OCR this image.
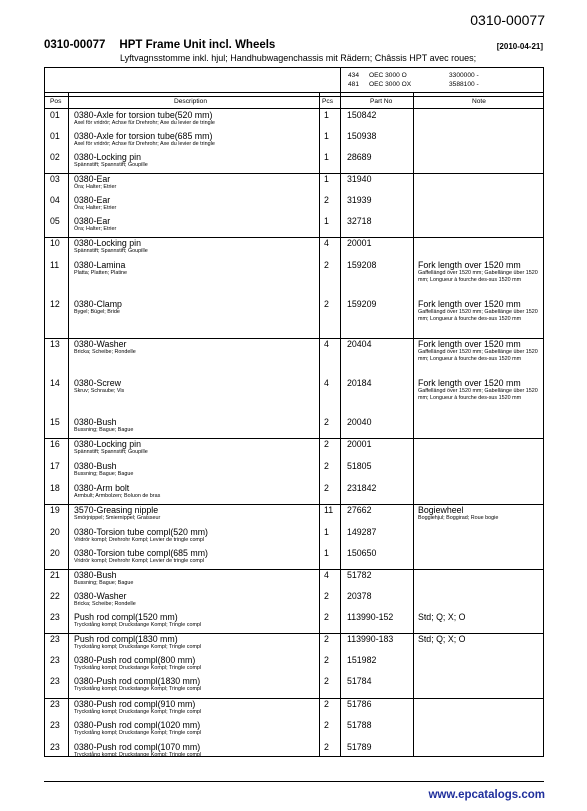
0310-00077
0310-00077 HPT Frame Unit incl. Wheels	[2010-04-21]
Lyftvagnsstomme inkl. hjul; Handhubwagenchassis mit Rädern; Châssis HPT avec roues;
434 OEC 3000 O	3300000 -
481 OEC 3000 OX	3588100 -
Pos	Description	Pcs	Part No	Note
01 0380-Axle for torsion tube(520 mm)
Axel för vridrör; Achse für Drehrohr; Axe du levier de tringle
1 150842
01 0380-Axle for torsion tube(685 mm)
Axel för vridrör; Achse für Drehrohr; Axe du levier de tringle
1 150938
02 0380-Locking pin
Spännstift; Spannstift; Goupille
1 28689
03 0380-Ear
Öra; Halter; Etrier
1 31940
04 0380-Ear
Öra; Halter; Etrier
2 31939
05 0380-Ear
Öra; Halter; Etrier
1 32718
10 0380-Locking pin
Spännstift; Spannstift; Goupille
4 20001
11 0380-Lamina
Platta; Platten; Platine
2 159208	Fork length over 1520 mm
Gaffellängd över 1520 mm; Gabellänge über 1520 mm; Longueur à fourche des-sus 1520 mm
12 0380-Clamp
Bygel; Bügel; Bride
2 159209	Fork length over 1520 mm
Gaffellängd över 1520 mm; Gabellänge über 1520 mm; Longueur à fourche des-sus 1520 mm
13 0380-Washer
Bricka; Scheibe; Rondelle
4 20404	Fork length over 1520 mm
Gaffellängd över 1520 mm; Gabellänge über 1520 mm; Longueur à fourche des-sus 1520 mm
14 0380-Screw
Skruv; Schraube; Vis
4 20184	Fork length over 1520 mm
Gaffellängd över 1520 mm; Gabellänge über 1520 mm; Longueur à fourche des-sus 1520 mm
15 0380-Bush
Bussning; Bague; Bague
2 20040
16 0380-Locking pin
Spännstift; Spannstift; Goupille
2 20001
17 0380-Bush
Bussning; Bague; Bague
2 51805
18 0380-Arm bolt
Armbult; Armbolzen; Boluon de bras
2 231842
19 3570-Greasing nipple
Smörjnippel; Smiernippel; Graisseur
11 27662	Bogiewheel
Boggiehjul; Boggirad; Roue bogie
20 0380-Torsion tube compl(520 mm)
Vridrör kompl; Drehrohr Kompl; Levier de tringle compl
1 149287
20 0380-Torsion tube compl(685 mm)
Vridrör kompl; Drehrohr Kompl; Levier de tringle compl
1 150650
21 0380-Bush
Bussning; Bague; Bague
4 51782
22 0380-Washer
Bricka; Scheibe; Rondelle
2 20378
23 Push rod compl(1520 mm)
Tryckstång kompl; Druckstange Kompl; Tringle compl
2 113990-152	Std; Q; X; O
23 Push rod compl(1830 mm)
Tryckstång kompl; Druckstange Kompl; Tringle compl
2 113990-183	Std; Q; X; O
23 0380-Push rod compl(800 mm)
Tryckstång kompl; Druckstange Kompl; Tringle compl
2 151982
23 0380-Push rod compl(1830 mm)
Tryckstång kompl; Druckstange Kompl; Tringle compl
2 51784
23 0380-Push rod compl(910 mm)
Tryckstång kompl; Druckstange Kompl; Tringle compl
2 51786
23 0380-Push rod compl(1020 mm)
Tryckstång kompl; Druckstange Kompl; Tringle compl
2 51788
23 0380-Push rod compl(1070 mm)
Tryckstång kompl; Druckstange Kompl; Tringle compl
2 51789
www.epcatalogs.com
